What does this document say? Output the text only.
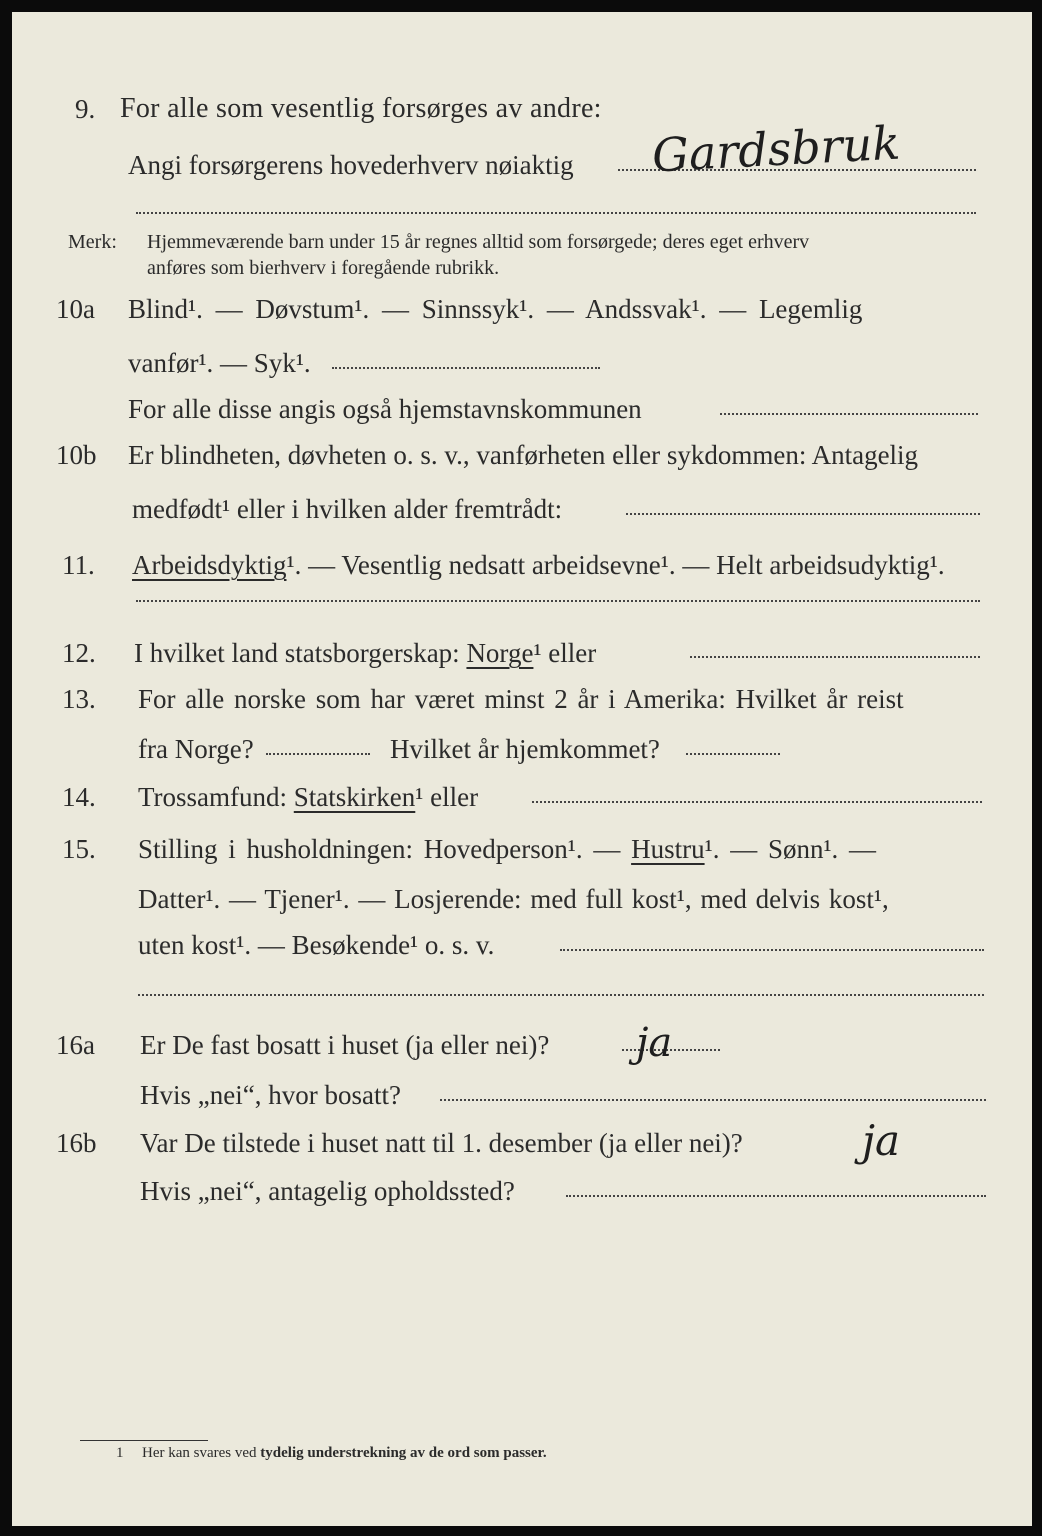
9. For alle som vesentlig forsørges av andre:
Angi forsørgerens hovederhverv nøiaktig Gardsbruk
Merk: Hjemmeværende barn under 15 år regnes alltid som forsørgede; deres eget erhverv
anføres som bierhverv i foregående rubrikk.
10a Blind¹. — Døvstum¹. — Sinnssyk¹. — Andssvak¹. — Legemlig
vanfør¹. — Syk¹.
For alle disse angis også hjemstavnskommunen
10b Er blindheten, døvheten o. s. v., vanførheten eller sykdommen: Antagelig
medfødt¹ eller i hvilken alder fremtrådt:
11. Arbeidsdyktig¹. — Vesentlig nedsatt arbeidsevne¹. — Helt arbeidsudyktig¹.
12. I hvilket land statsborgerskap: Norge¹ eller
13. For alle norske som har været minst 2 år i Amerika: Hvilket år reist
fra Norge?	Hvilket år hjemkommet?
14. Trossamfund: Statskirken¹ eller
15. Stilling i husholdningen: Hovedperson¹. — Hustru¹. — Sønn¹. —
Datter¹. — Tjener¹. — Losjerende: med full kost¹, med delvis kost¹,
uten kost¹. — Besøkende¹ o. s. v.
16a Er De fast bosatt i huset (ja eller nei)? ja
Hvis „nei“, hvor bosatt?
16b Var De tilstede i huset natt til 1. desember (ja eller nei)?	ja
Hvis „nei“, antagelig opholdssted?
1 Her kan svares ved tydelig understrekning av de ord som passer.
